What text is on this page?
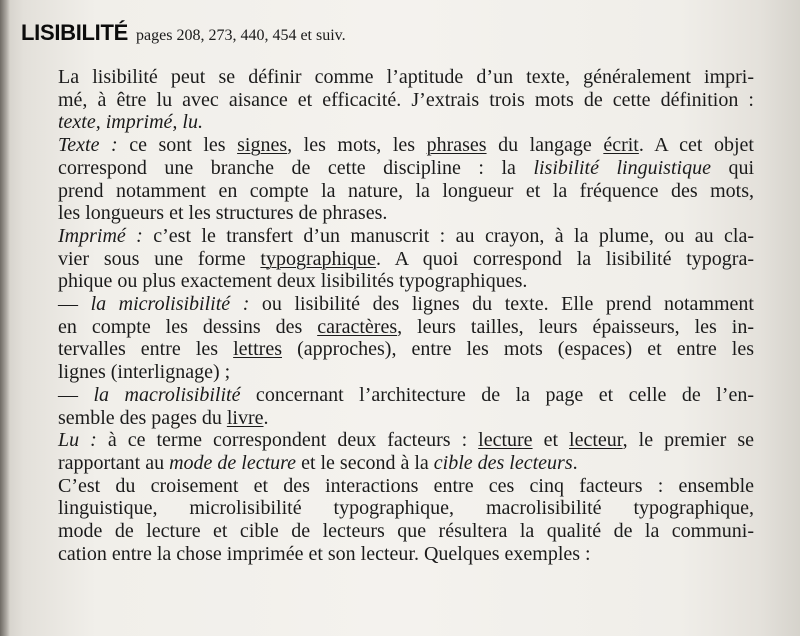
LISIBILITÉ pages 208, 273, 440, 454 et suiv.
La lisibilité peut se définir comme l’aptitude d’un texte, généralement impri-
mé, à être lu avec aisance et efficacité. J’extrais trois mots de cette définition :
texte, imprimé, lu.
Texte : ce sont les signes, les mots, les phrases du langage écrit. A cet objet
correspond une branche de cette discipline : la lisibilité linguistique qui
prend notamment en compte la nature, la longueur et la fréquence des mots,
les longueurs et les structures de phrases.
Imprimé : c’est le transfert d’un manuscrit : au crayon, à la plume, ou au cla-
vier sous une forme typographique. A quoi correspond la lisibilité typogra-
phique ou plus exactement deux lisibilités typographiques.
— la microlisibilité : ou lisibilité des lignes du texte. Elle prend notamment
en compte les dessins des caractères, leurs tailles, leurs épaisseurs, les in-
tervalles entre les lettres (approches), entre les mots (espaces) et entre les
lignes (interlignage) ;
— la macrolisibilité concernant l’architecture de la page et celle de l’en-
semble des pages du livre.
Lu : à ce terme correspondent deux facteurs : lecture et lecteur, le premier se
rapportant au mode de lecture et le second à la cible des lecteurs.
C’est du croisement et des interactions entre ces cinq facteurs : ensemble
linguistique, microlisibilité typographique, macrolisibilité typographique,
mode de lecture et cible de lecteurs que résultera la qualité de la communi-
cation entre la chose imprimée et son lecteur. Quelques exemples :
